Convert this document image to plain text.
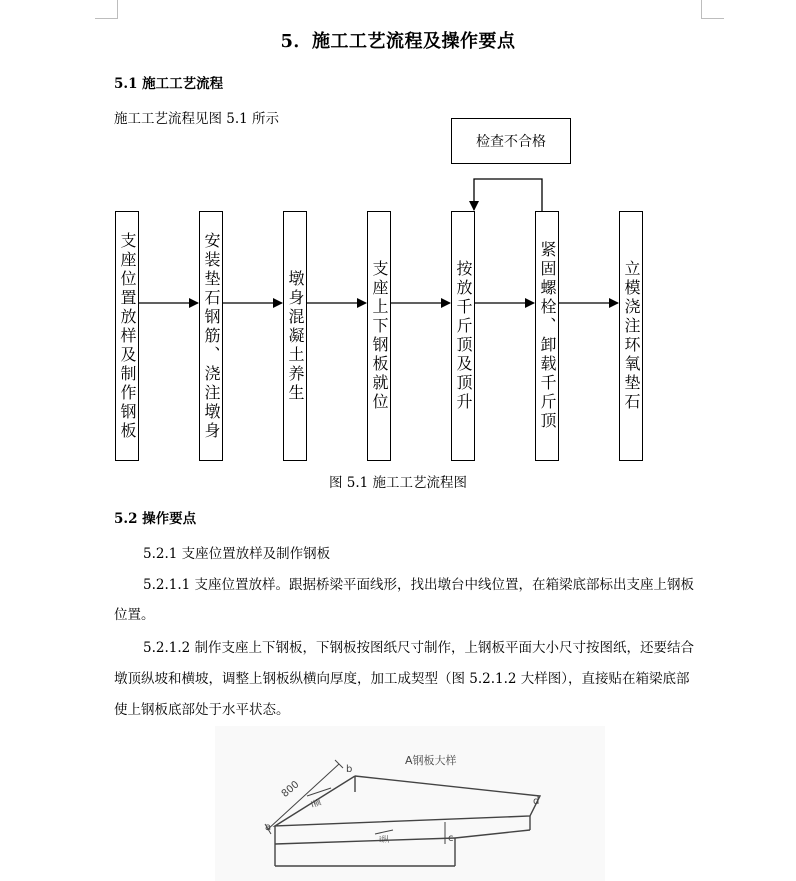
5．施工工艺流程及操作要点
5.1 施工工艺流程
施工工艺流程见图 5.1 所示
检查不合格
支座位置放样及制作钢板	安装垫石钢筋、浇注墩身	墩身混凝土养生	支座上下钢板就位	按放千斤顶及顶升	紧固螺栓、卸载千斤顶	立模浇注环氧垫石
图 5.1 施工工艺流程图
5.2 操作要点
5.2.1 支座位置放样及制作钢板
5.2.1.1 支座位置放样。跟据桥梁平面线形，找出墩台中线位置，在箱梁底部标出支座上钢板
位置。
5.2.1.2 制作支座上下钢板，下钢板按图纸尺寸制作，上钢板平面大小尺寸按图纸，还要结合
墩顶纵坡和横坡，调整上钢板纵横向厚度，加工成契型（图 5.2.1.2 大样图），直接贴在箱梁底部
使上钢板底部处于水平状态。
A钢板大样
800
i横
i纵
b
d
a
c
